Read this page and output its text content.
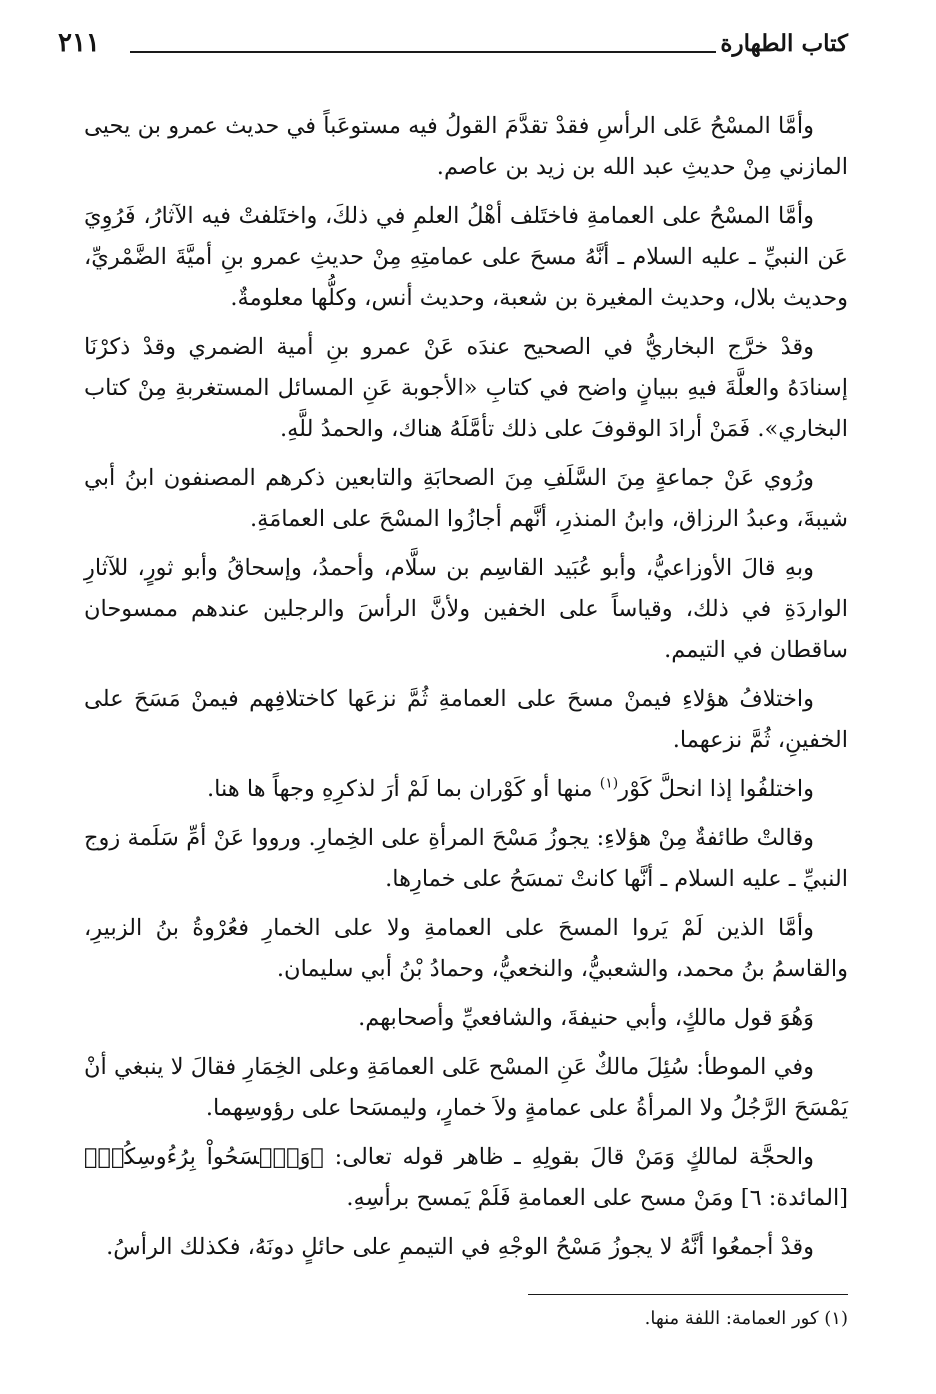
كتاب الطهارة
٢١١

وأمَّا المسْحُ عَلى الرأسِ فقدْ تقدَّمَ القولُ فيه مستوعَباً في حديث عمرو بن يحيى المازني مِنْ حديثِ عبد الله بن زيد بن عاصم.

وأمَّا المسْحُ على العمامةِ فاختَلف أهْلُ العلمِ في ذلكَ، واختَلفتْ فيه الآثارُ، فَرُوِيَ عَن النبيِّ ـ عليه السلام ـ أنَّهُ مسحَ على عمامتِهِ مِنْ حديثِ عمرو بنِ أميَّةَ الضَّمْريِّ، وحديث بلال، وحديث المغيرة بن شعبة، وحديث أنس، وكلُّها معلومةٌ.

وقدْ خرَّج البخاريُّ في الصحيح عندَه عَنْ عمرو بنِ أمية الضمري وقدْ ذكرْنَا إسنادَهُ والعلَّةَ فيهِ ببيانٍ واضح في كتابِ «الأجوبة عَنِ المسائل المستغربةِ مِنْ كتاب البخاري». فَمَنْ أرادَ الوقوفَ على ذلك تأمَّلَهُ هناك، والحمدُ للَّهِ.

ورُوي عَنْ جماعةٍ مِنَ السَّلَفِ مِنَ الصحابَةِ والتابعين ذكرهم المصنفون ابنُ أبي شيبةَ، وعبدُ الرزاق، وابنُ المنذرِ، أنَّهم أجازُوا المسْحَ على العمامَةِ.

وبهِ قالَ الأوزاعيُّ، وأبو عُبَيد القاسِم بن سلَّام، وأحمدُ، وإسحاقُ وأبو ثورٍ، للآثارِ الواردَةِ في ذلك، وقياساً على الخفين ولأنَّ الرأسَ والرجلين عندهم ممسوحان ساقطان في التيمم.

واختلافُ هؤلاءِ فيمنْ مسحَ على العمامةِ ثُمَّ نزعَها كاختلافِهم فيمنْ مَسَحَ على الخفينِ، ثُمَّ نزعهما.

واختلفُوا إذا انحلَّ كَوْر$^{(١)}$ منها أو كَوْران بما لَمْ أرَ لذكرِهِ وجهاً ها هنا.

وقالتْ طائفةٌ مِنْ هؤلاءِ: يجوزُ مَسْحَ المرأةِ على الخِمارِ. ورووا عَنْ أمِّ سَلَمة زوج النبيِّ ـ عليه السلام ـ أنَّها كانتْ تمسَحُ على خمارِها.

وأمَّا الذين لَمْ يَروا المسحَ على العمامةِ ولا على الخمارِ فعُرْوةُ بنُ الزبيرِ، والقاسمُ بنُ محمد، والشعبيُّ، والنخعيُّ، وحمادُ بْنُ أبي سليمان.

وَهُوَ قول مالكٍ، وأبي حنيفةَ، والشافعيِّ وأصحابهم.

وفي الموطأ: سُئِلَ مالكٌ عَنِ المسْح عَلى العمامَةِ وعلى الخِمَارِ فقالَ لا ينبغي أنْ يَمْسَحَ الرَّجُلُ ولا المرأةُ على عمامةٍ ولاَ خمارٍ، وليمسَحا على رؤوسِهما.

والحجَّة لمالكٍ وَمَنْ قالَ بقولِهِ ـ ظاهر قوله تعالى: ﴿وَٱمۡسَحُواْ بِرُءُوسِكُمۡ﴾ [المائدة: ٦] ومَنْ مسح على العمامةِ فَلَمْ يَمسح برأسِهِ.

وقدْ أجمعُوا أنَّهُ لا يجوزُ مَسْحُ الوجْهِ في التيممِ على حائلٍ دونَهُ، فكذلك الرأسُ.

(١) كور العمامة: اللفة منها.
